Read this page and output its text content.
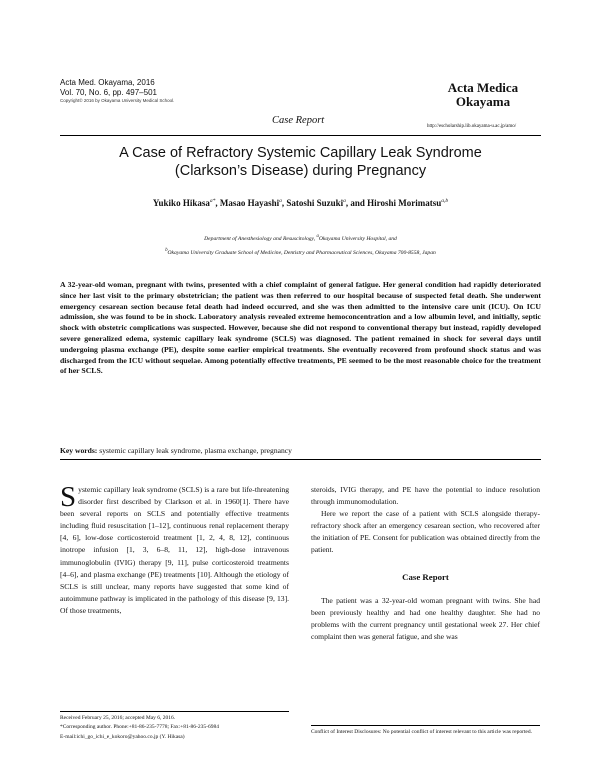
Acta Med. Okayama, 2016
Vol. 70, No. 6, pp. 497–501
Copyright© 2016 by Okayama University Medical School.
Case Report
Acta Medica
Okayama
http://escholarship.lib.okayama-u.ac.jp/amo/
A Case of Refractory Systemic Capillary Leak Syndrome
(Clarkson’s Disease) during Pregnancy
Yukiko Hikasa$^{a*}$, Masao Hayashi$^a$, Satoshi Suzuki$^a$, and Hiroshi Morimatsu$^{a,b}$
Department of Anesthesiology and Resuscitology, $^a$Okayama University Hospital, and
$^b$Okayama University Graduate School of Medicine, Dentistry and Pharmaceutical Sciences, Okayama 700-8558, Japan
A 32-year-old woman, pregnant with twins, presented with a chief complaint of general fatigue. Her general condition had rapidly deteriorated since her last visit to the primary obstetrician; the patient was then referred to our hospital because of suspected fetal death. She underwent emergency cesarean section because fetal death had indeed occurred, and she was then admitted to the intensive care unit (ICU). On ICU admission, she was found to be in shock. Laboratory analysis revealed extreme hemoconcentration and a low albumin level, and initially, septic shock with obstetric complications was suspected. However, because she did not respond to conventional therapy but instead, rapidly developed severe generalized edema, systemic capillary leak syndrome (SCLS) was diagnosed. The patient remained in shock for several days until undergoing plasma exchange (PE), despite some earlier empirical treatments. She eventually recovered from profound shock status and was discharged from the ICU without sequelae. Among potentially effective treatments, PE seemed to be the most reasonable choice for the treatment of her SCLS.
Key words: systemic capillary leak syndrome, plasma exchange, pregnancy

Systemic capillary leak syndrome (SCLS) is a rare but life-threatening disorder first described by Clarkson et al. in 1960[1]. There have been several reports on SCLS and potentially effective treatments including fluid resuscitation [1–12], continuous renal replacement therapy [4, 6], low-dose corticosteroid treatment [1, 2, 4, 8, 12], continuous inotrope infusion [1, 3, 6–8, 11, 12], high-dose intravenous immunoglobulin (IVIG) therapy [9, 11], pulse corticosteroid treatments [4–6], and plasma exchange (PE) treatments [10]. Although the etiology of SCLS is still unclear, many reports have suggested that some kind of autoimmune pathway is implicated in the pathology of this disease [9, 13]. Of those treatments,

steroids, IVIG therapy, and PE have the potential to induce resolution through immunomodulation.

Here we report the case of a patient with SCLS alongside therapy-refractory shock after an emergency cesarean section, who recovered after the initiation of PE. Consent for publication was obtained directly from the patient.

Case Report

The patient was a 32-year-old woman pregnant with twins. She had been previously healthy and had one healthy daughter. She had no problems with the current pregnancy until gestational week 27. Her chief complaint then was general fatigue, and she was

Received February 25, 2016; accepted May 6, 2016.
*Corresponding author. Phone:+81-86-235-7778; Fax:+81-86-235-6984
E-mail:ichi_go_ichi_e_kokoro@yahoo.co.jp (Y. Hikasa)
Conflict of Interest Disclosures: No potential conflict of interest relevant to this article was reported.
